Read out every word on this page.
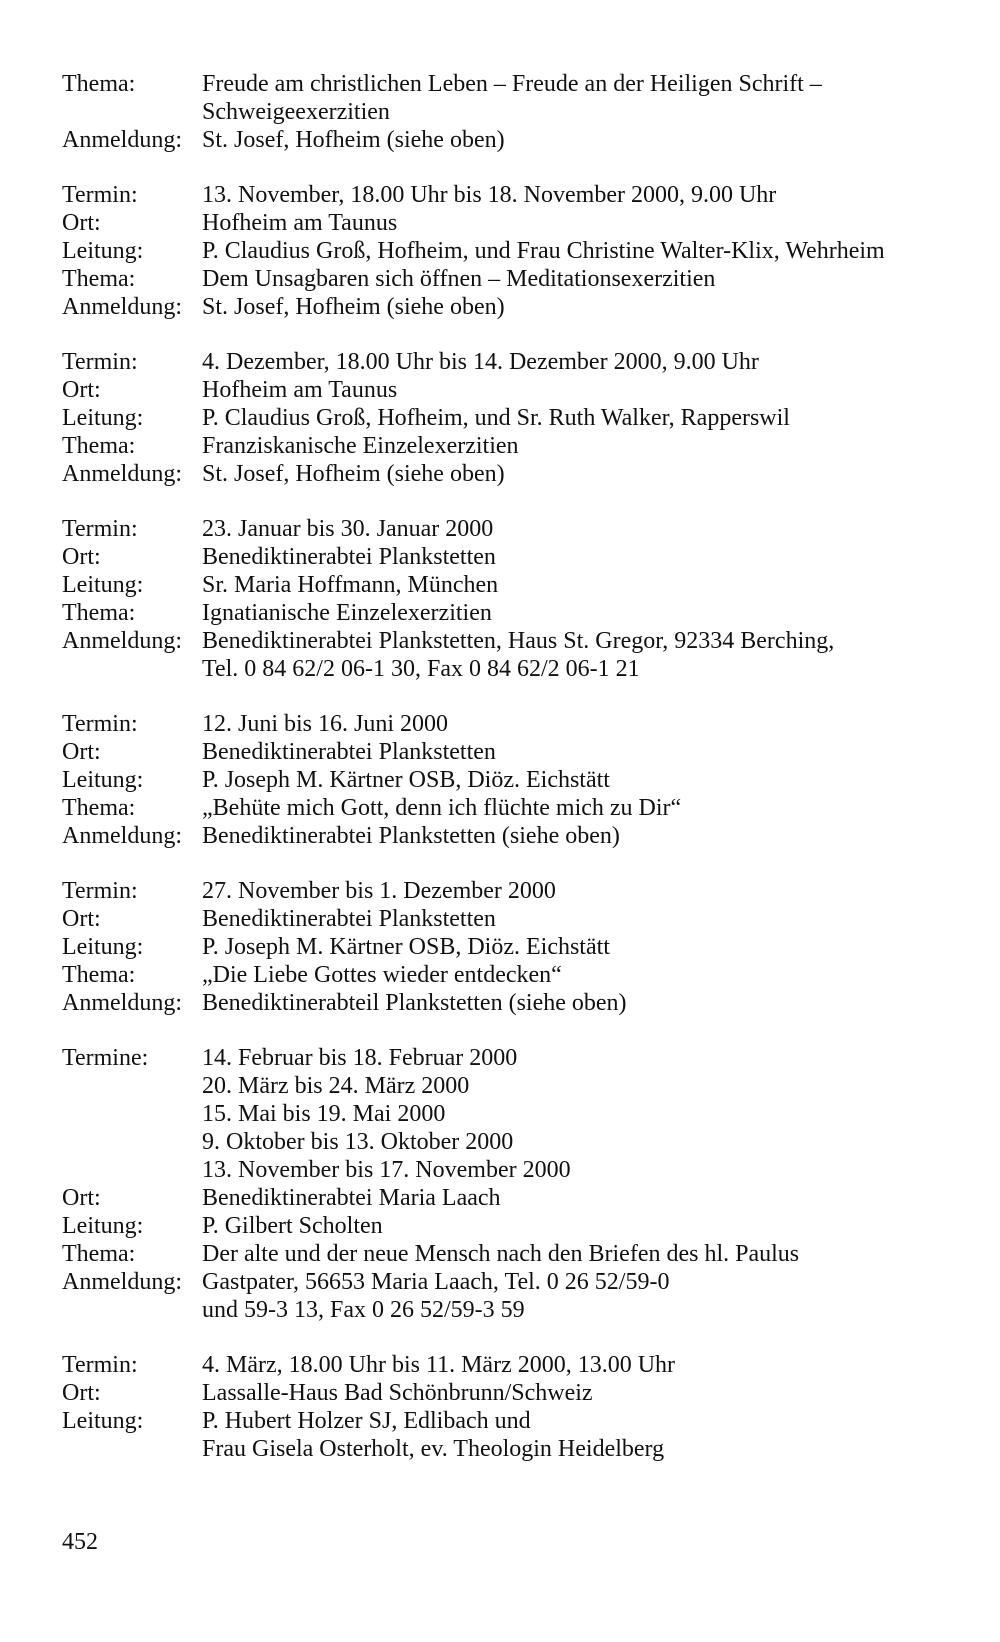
Thema:	Freude am christlichen Leben – Freude an der Heiligen Schrift –
Schweigeexerzitien
Anmeldung: St. Josef, Hofheim (siehe oben)
Termin:	13. November, 18.00 Uhr bis 18. November 2000, 9.00 Uhr
Ort:	Hofheim am Taunus
Leitung:	P. Claudius Groß, Hofheim, und Frau Christine Walter-Klix, Wehrheim
Thema:	Dem Unsagbaren sich öffnen – Meditationsexerzitien
Anmeldung: St. Josef, Hofheim (siehe oben)
Termin:	4. Dezember, 18.00 Uhr bis 14. Dezember 2000, 9.00 Uhr
Ort:	Hofheim am Taunus
Leitung:	P. Claudius Groß, Hofheim, und Sr. Ruth Walker, Rapperswil
Thema:	Franziskanische Einzelexerzitien
Anmeldung: St. Josef, Hofheim (siehe oben)
Termin:	23. Januar bis 30. Januar 2000
Ort:	Benediktinerabtei Plankstetten
Leitung:	Sr. Maria Hoffmann, München
Thema:	Ignatianische Einzelexerzitien
Anmeldung: Benediktinerabtei Plankstetten, Haus St. Gregor, 92334 Berching,
Tel. 0 84 62/2 06-1 30, Fax 0 84 62/2 06-1 21
Termin:	12. Juni bis 16. Juni 2000
Ort:	Benediktinerabtei Plankstetten
Leitung:	P. Joseph M. Kärtner OSB, Diöz. Eichstätt
Thema:	„Behüte mich Gott, denn ich flüchte mich zu Dir“
Anmeldung: Benediktinerabtei Plankstetten (siehe oben)
Termin:	27. November bis 1. Dezember 2000
Ort:	Benediktinerabtei Plankstetten
Leitung:	P. Joseph M. Kärtner OSB, Diöz. Eichstätt
Thema:	„Die Liebe Gottes wieder entdecken“
Anmeldung: Benediktinerabteil Plankstetten (siehe oben)
Termine:	14. Februar bis 18. Februar 2000
20. März bis 24. März 2000
15. Mai bis 19. Mai 2000
9. Oktober bis 13. Oktober 2000
13. November bis 17. November 2000
Ort:	Benediktinerabtei Maria Laach
Leitung:	P. Gilbert Scholten
Thema:	Der alte und der neue Mensch nach den Briefen des hl. Paulus
Anmeldung: Gastpater, 56653 Maria Laach, Tel. 0 26 52/59-0
und 59-3 13, Fax 0 26 52/59-3 59
Termin:	4. März, 18.00 Uhr bis 11. März 2000, 13.00 Uhr
Ort:	Lassalle-Haus Bad Schönbrunn/Schweiz
Leitung:	P. Hubert Holzer SJ, Edlibach und
Frau Gisela Osterholt, ev. Theologin Heidelberg
452
